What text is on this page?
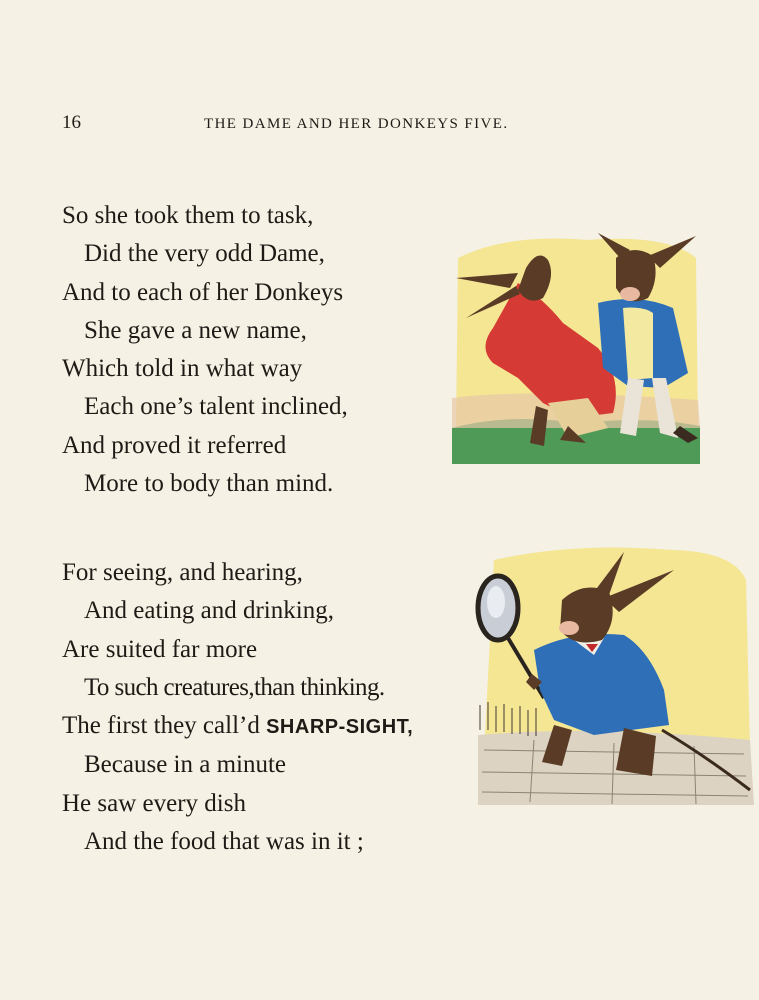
16	THE DAME AND HER DONKEYS FIVE.
So she took them to task,
Did the very odd Dame,
And to each of her Donkeys
She gave a new name,
Which told in what way
Each one’s talent inclined,
And proved it referred
More to body than mind.
For seeing, and hearing,
And eating and drinking,
Are suited far more
To such creatures,than thinking.
The first they call’d SHARP-SIGHT,
Because in a minute
He saw every dish
And the food that was in it ;
